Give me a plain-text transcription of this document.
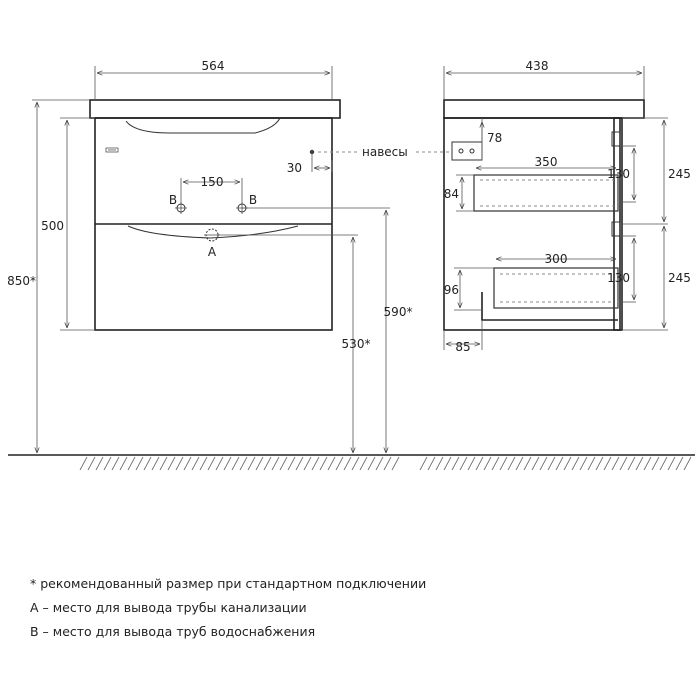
564
500
850*
150
B	B
A
30
навесы
590*
530*
438
78
350
84
300
96
85
130	245
130	245
* рекомендованный размер при стандартном подключении
A – место для вывода трубы канализации
B – место для вывода труб водоснабжения
